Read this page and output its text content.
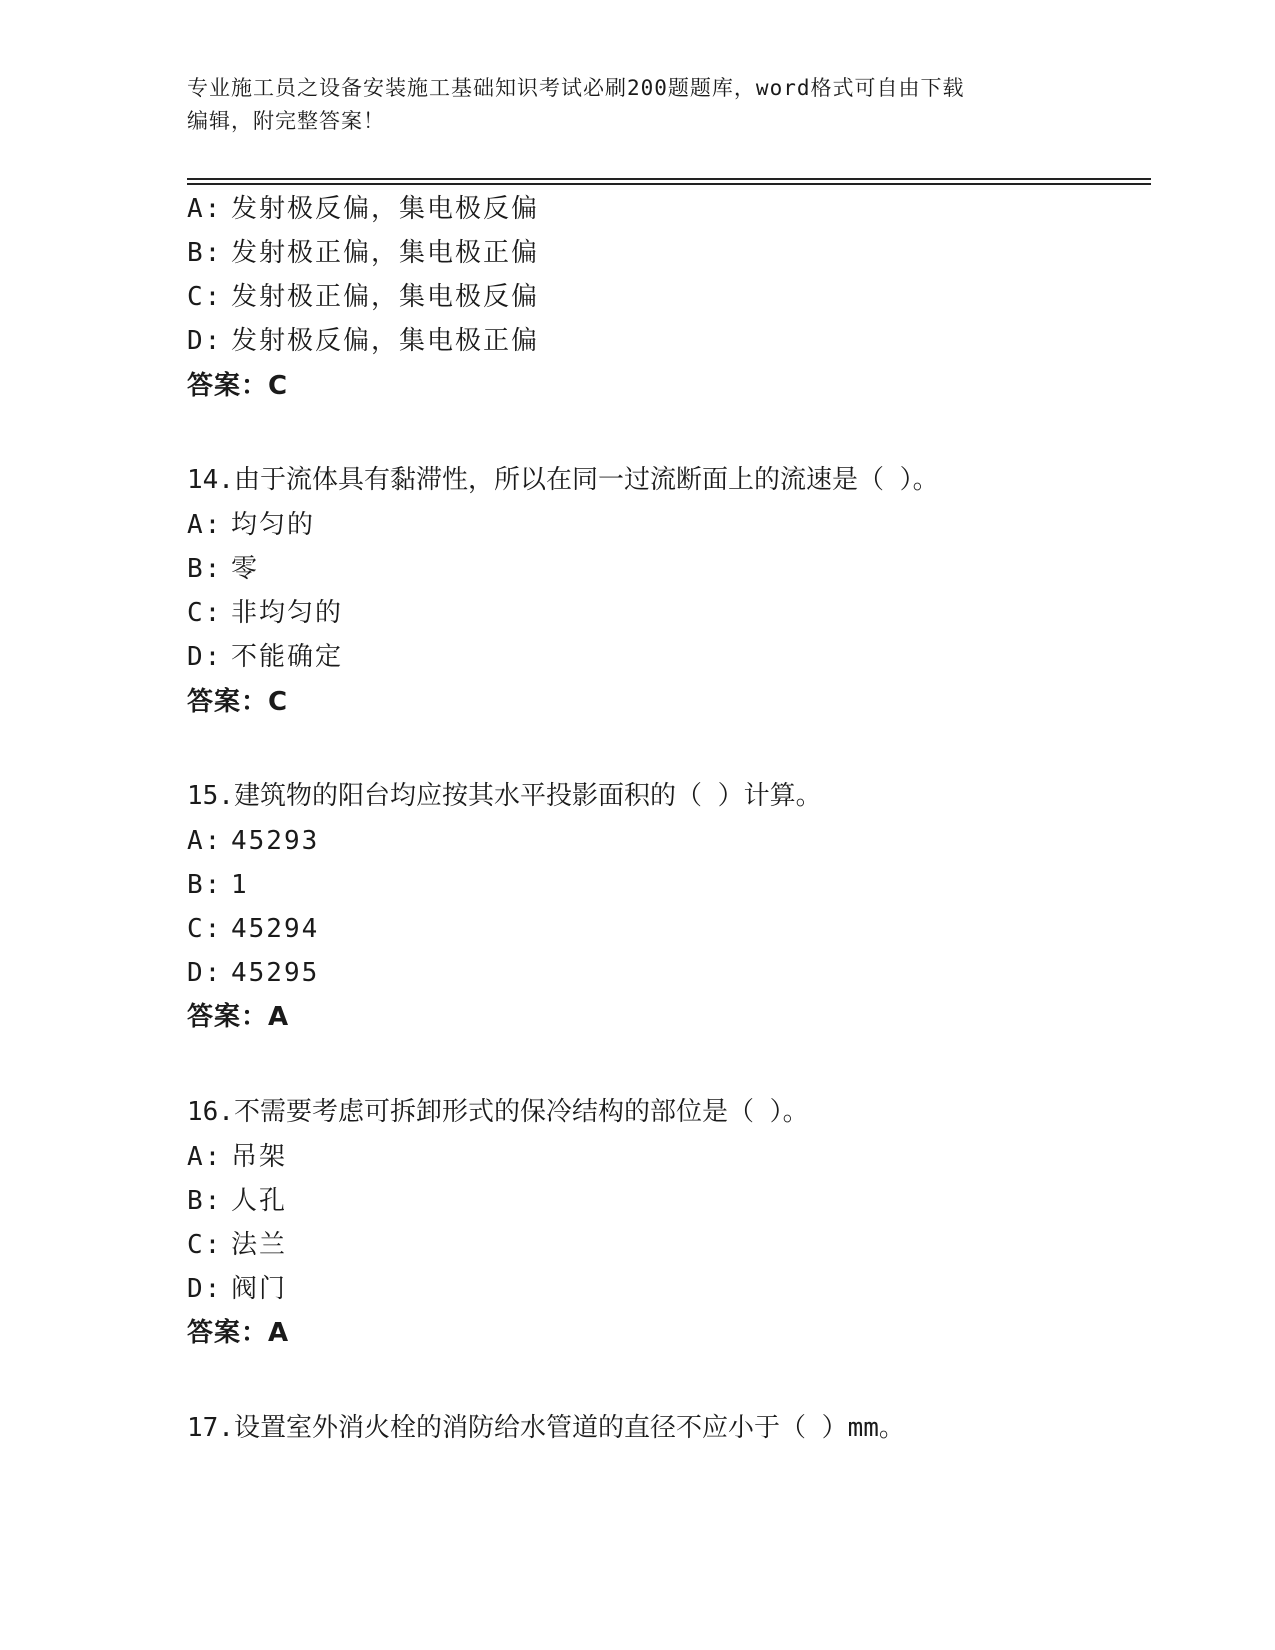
专业施工员之设备安装施工基础知识考试必刷200题题库，word格式可自由下载
编辑，附完整答案！
A: 发射极反偏，集电极反偏
B: 发射极正偏，集电极正偏
C: 发射极正偏，集电极反偏
D: 发射极反偏，集电极正偏
答案：C
14.由于流体具有黏滞性，所以在同一过流断面上的流速是（ ）。
A: 均匀的
B: 零
C: 非均匀的
D: 不能确定
答案：C
15.建筑物的阳台均应按其水平投影面积的（ ）计算。
A: 45293
B: 1
C: 45294
D: 45295
答案：A
16.不需要考虑可拆卸形式的保冷结构的部位是（ ）。
A: 吊架
B: 人孔
C: 法兰
D: 阀门
答案：A
17.设置室外消火栓的消防给水管道的直径不应小于（ ）mm。
